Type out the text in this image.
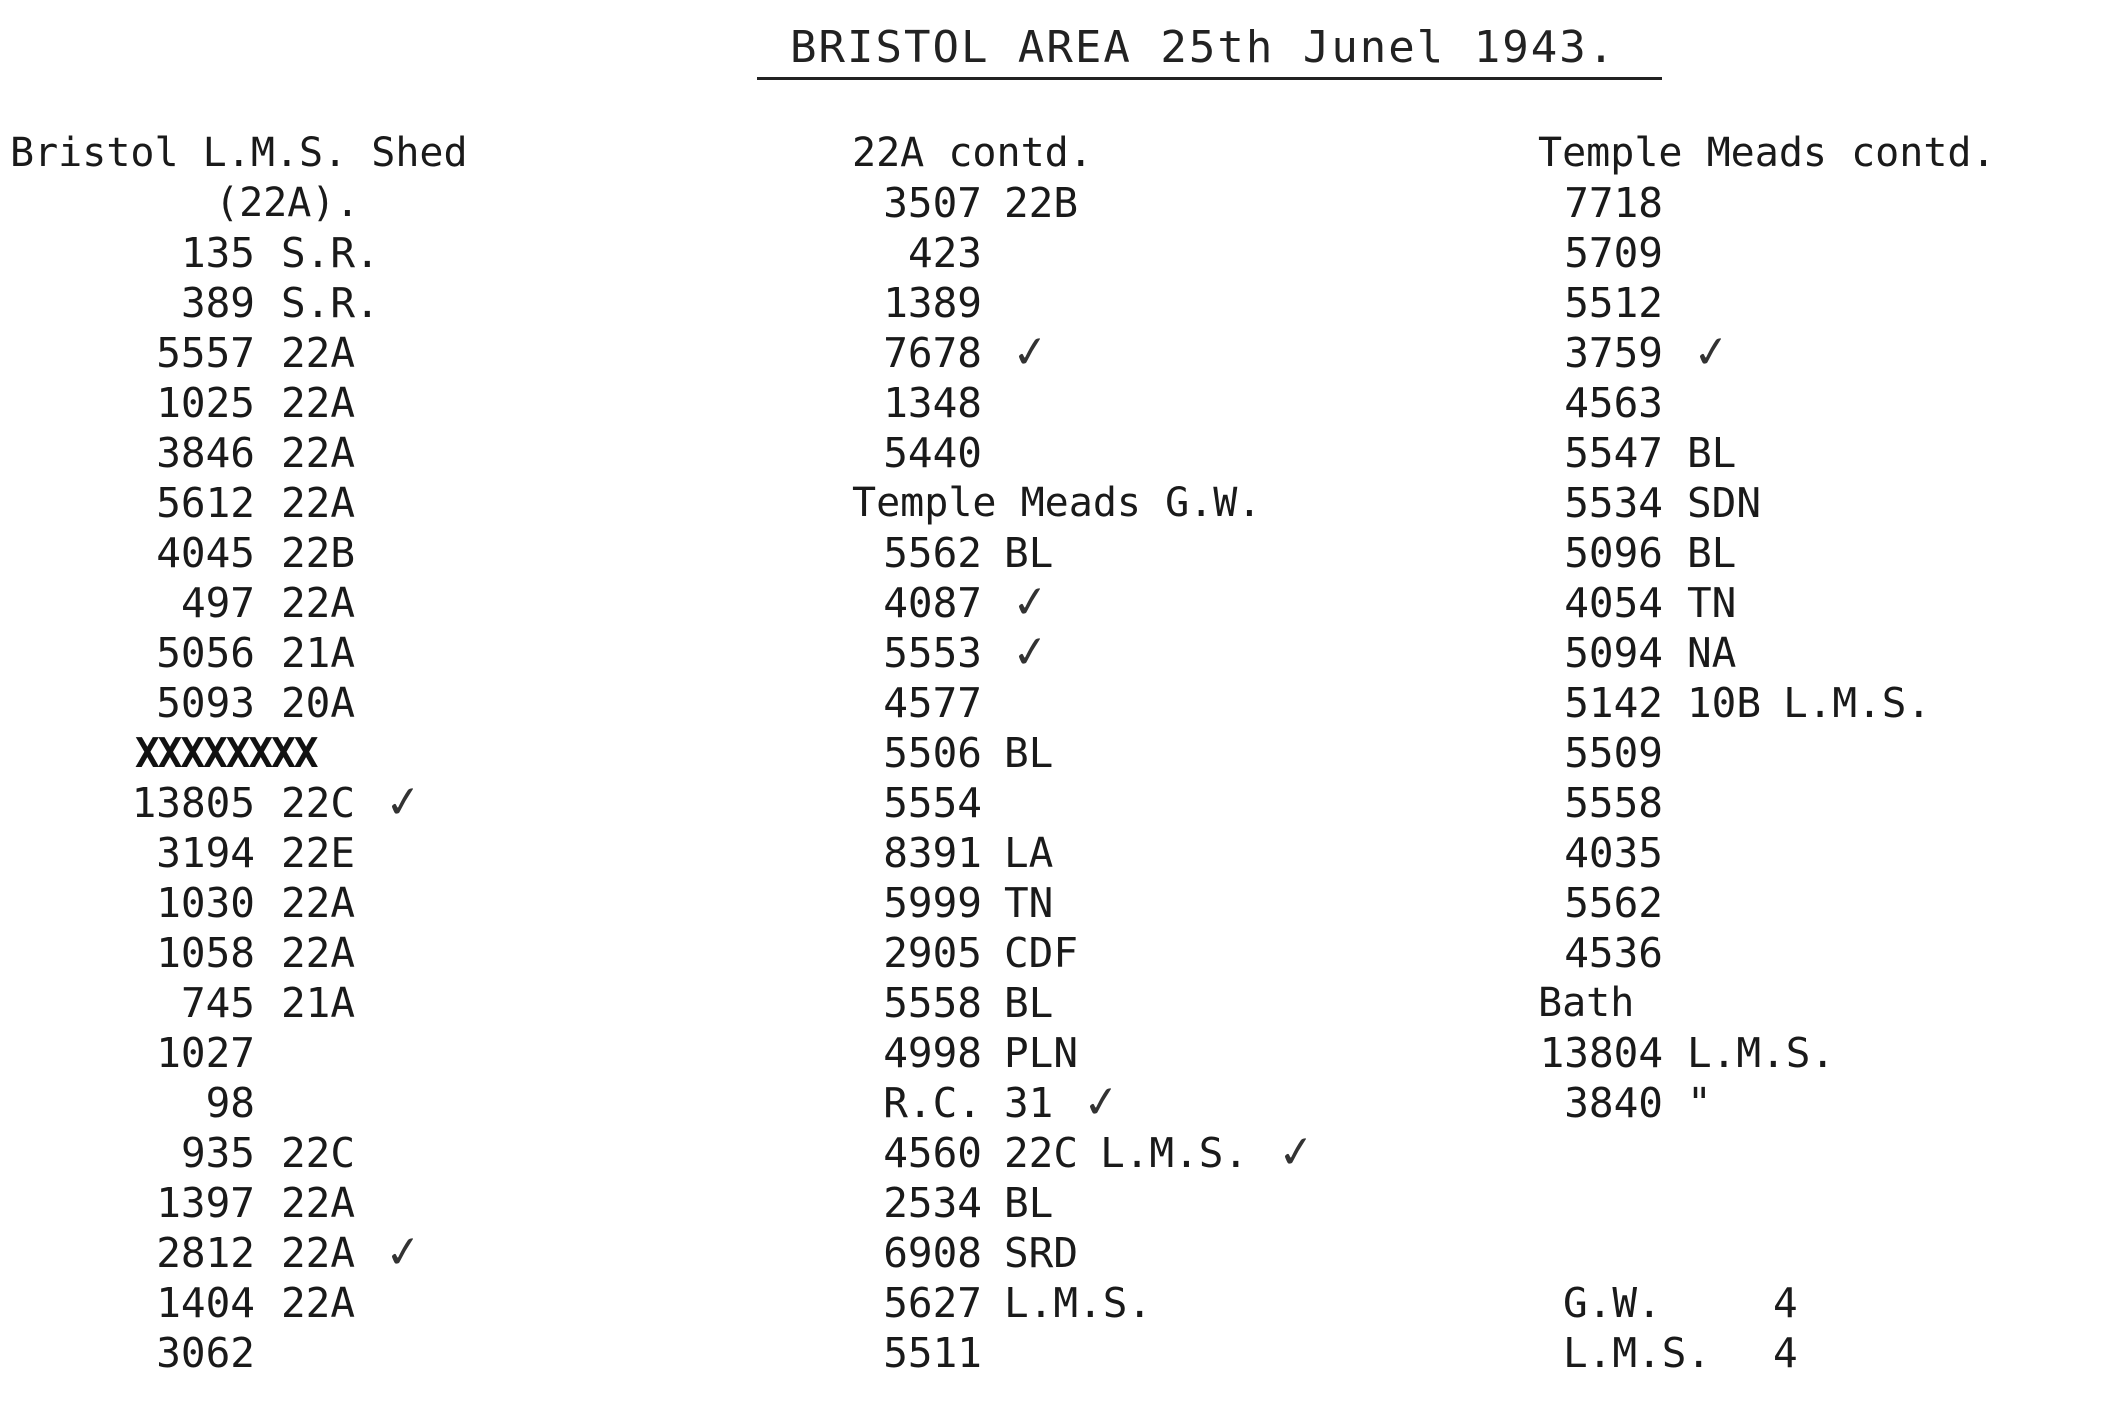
BRISTOL AREA 25th Junel 1943.
Bristol L.M.S. Shed
(22A).
135 S.R.
389 S.R.
5557 22A
1025 22A
3846 22A
5612 22A
4045 22B
497 22A
5056 21A
5093 20A
XXXXXXXX
13805 22C ✓
3194 22E
1030 22A
1058 22A
745 21A
1027
98
935 22C
1397 22A
2812 22A ✓
1404 22A
3062
22A contd.
3507 22B
423
1389
7678 ✓
1348
5440
Temple Meads G.W.
5562 BL
4087 ✓
5553 ✓
4577
5506 BL
5554
8391 LA
5999 TN
2905 CDF
5558 BL
4998 PLN
R.C. 31 ✓
4560 22C L.M.S. ✓
2534 BL
6908 SRD
5627 L.M.S.
5511
Temple Meads contd.
7718
5709
5512
3759 ✓
4563
5547 BL
5534 SDN
5096 BL
4054 TN
5094 NA
5142 10B L.M.S.
5509
5558
4035
5562
4536
Bath
13804 L.M.S.
3840 "
G.W.	4
L.M.S. 4
